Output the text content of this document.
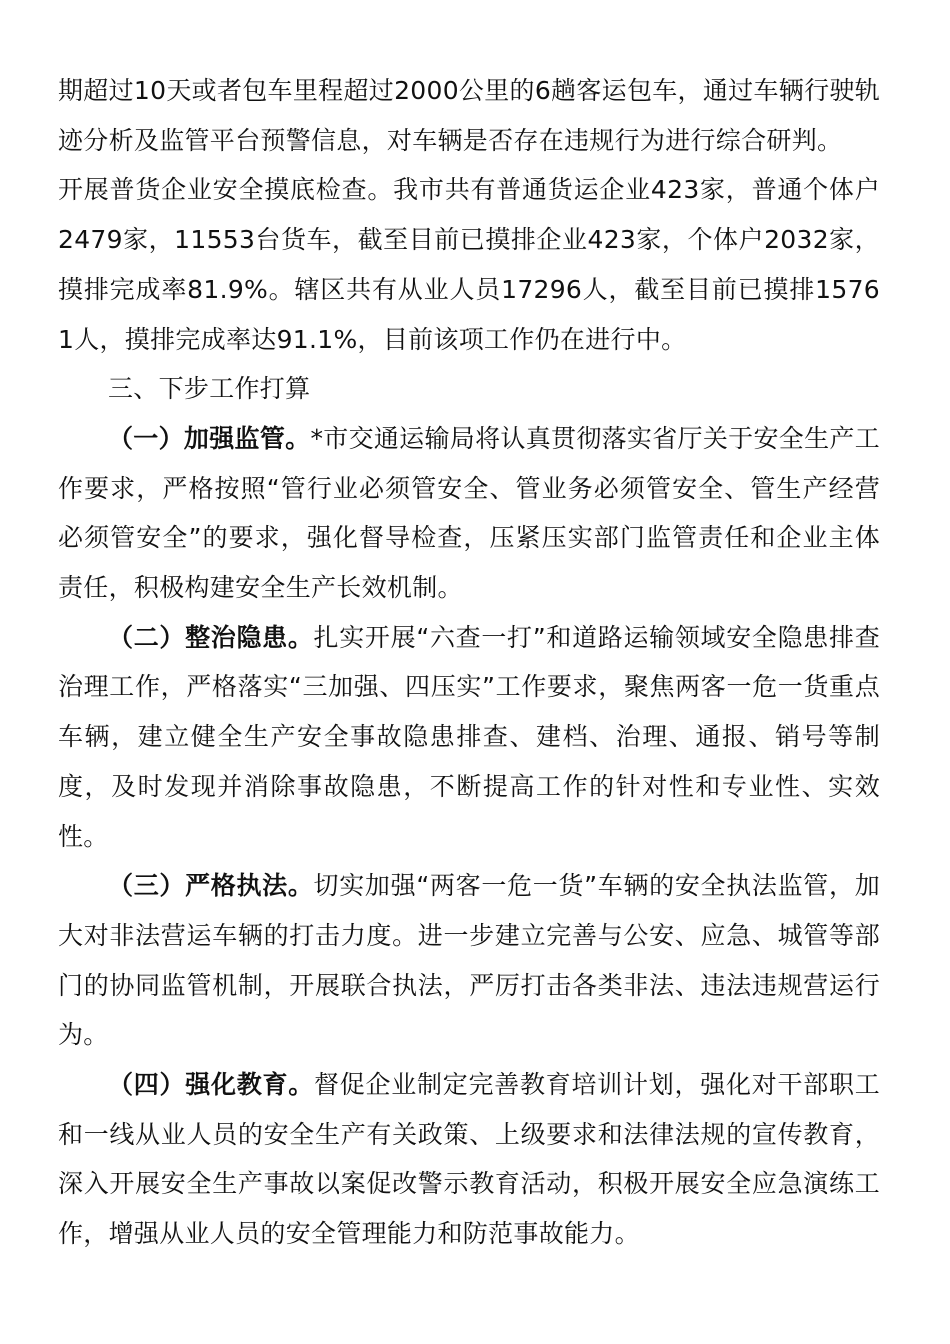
期超过10天或者包车里程超过2000公里的6趟客运包车，通过车辆行驶轨迹分析及监管平台预警信息，对车辆是否存在违规行为进行综合研判。

开展普货企业安全摸底检查。我市共有普通货运企业423家，普通个体户2479家，11553台货车，截至目前已摸排企业423家，个体户2032家，摸排完成率81.9%。辖区共有从业人员17296人，截至目前已摸排15761人，摸排完成率达91.1%，目前该项工作仍在进行中。

三、下步工作打算

（一）加强监管。*市交通运输局将认真贯彻落实省厅关于安全生产工作要求，严格按照“管行业必须管安全、管业务必须管安全、管生产经营必须管安全”的要求，强化督导检查，压紧压实部门监管责任和企业主体责任，积极构建安全生产长效机制。

（二）整治隐患。扎实开展“六查一打”和道路运输领域安全隐患排查治理工作，严格落实“三加强、四压实”工作要求，聚焦两客一危一货重点车辆，建立健全生产安全事故隐患排查、建档、治理、通报、销号等制度，及时发现并消除事故隐患，不断提高工作的针对性和专业性、实效性。

（三）严格执法。切实加强“两客一危一货”车辆的安全执法监管，加大对非法营运车辆的打击力度。进一步建立完善与公安、应急、城管等部门的协同监管机制，开展联合执法，严厉打击各类非法、违法违规营运行为。

（四）强化教育。督促企业制定完善教育培训计划，强化对干部职工和一线从业人员的安全生产有关政策、上级要求和法律法规的宣传教育，深入开展安全生产事故以案促改警示教育活动，积极开展安全应急演练工作，增强从业人员的安全管理能力和防范事故能力。
